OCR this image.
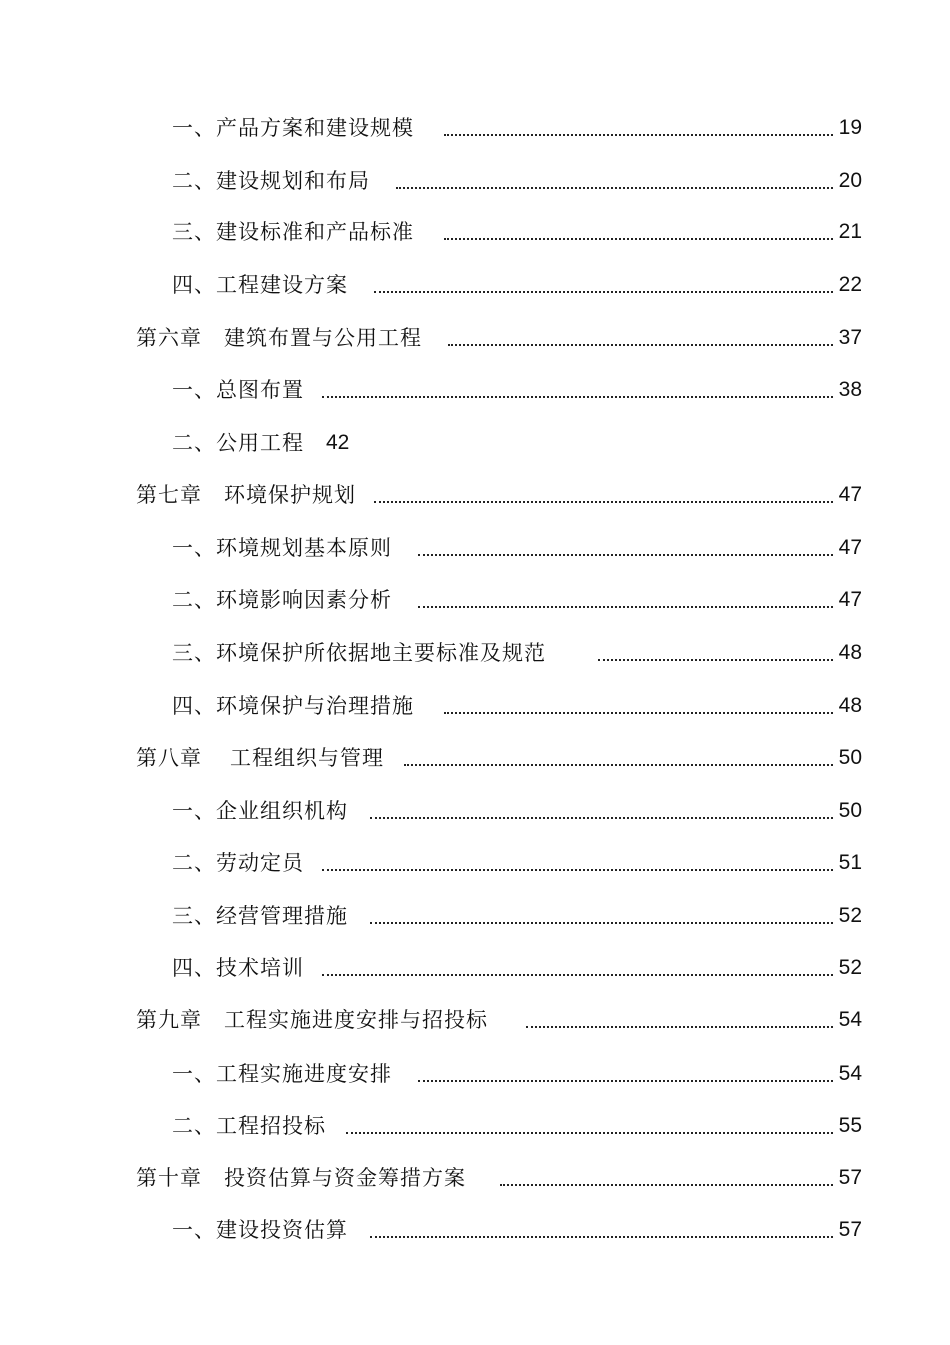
一、产品方案和建设规模	19
二、建设规划和布局	20
三、建设标准和产品标准	21
四、工程建设方案	22
第六章 建筑布置与公用工程	37
一、总图布置	38
二、公用工程 42
第七章 环境保护规划	47
一、环境规划基本原则	47
二、环境影响因素分析	47
三、环境保护所依据地主要标准及规范	48
四、环境保护与治理措施	48
第八章 工程组织与管理	50
一、企业组织机构	50
二、劳动定员	51
三、经营管理措施	52
四、技术培训	52
第九章 工程实施进度安排与招投标	54
一、工程实施进度安排	54
二、工程招投标	55
第十章 投资估算与资金筹措方案	57
一、建设投资估算	57
